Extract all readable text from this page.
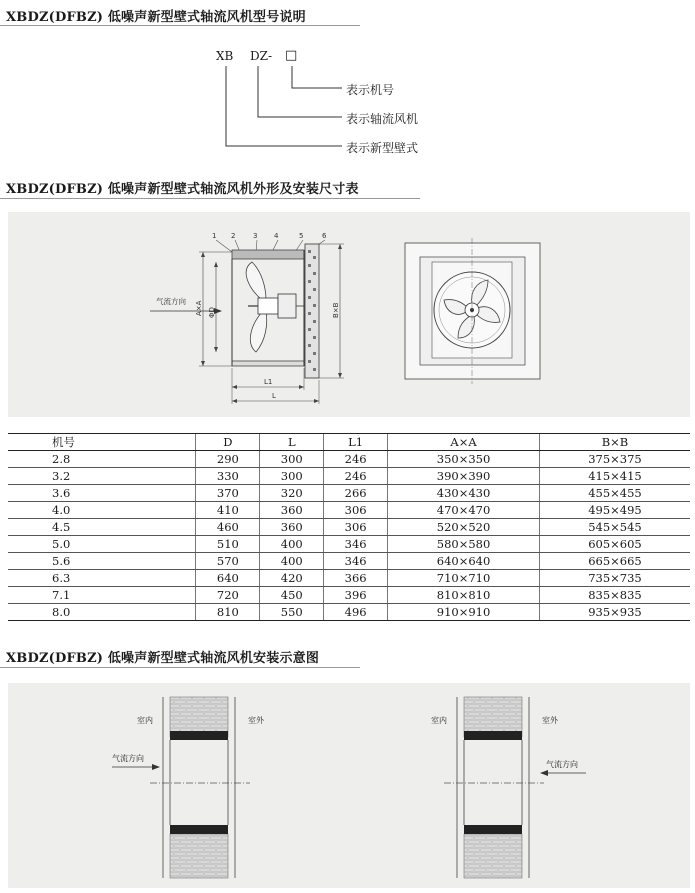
XBDZ(DFBZ) 低噪声新型壁式轴流风机型号说明
XB DZ- □
表示机号
表示轴流风机
表示新型壁式
XBDZ(DFBZ) 低噪声新型壁式轴流风机外形及安装尺寸表
1 2	3 4	5	6
气流方向 A×A ΦD	B×B
L1
L
机号	D	L	L1	A×A	B×B
2.8	290	300	246	350×350	375×375
3.2	330	300	246	390×390	415×415
3.6	370	320	266	430×430	455×455
4.0	410	360	306	470×470	495×495
4.5	460	360	306	520×520	545×545
5.0	510	400	346	580×580	605×605
5.6	570	400	346	640×640	665×665
6.3	640	420	366	710×710	735×735
7.1	720	450	396	810×810	835×835
8.0	810	550	496	910×910	935×935
XBDZ(DFBZ) 低噪声新型壁式轴流风机安装示意图
室内	室外
气流方向
室内	室外
气流方向
